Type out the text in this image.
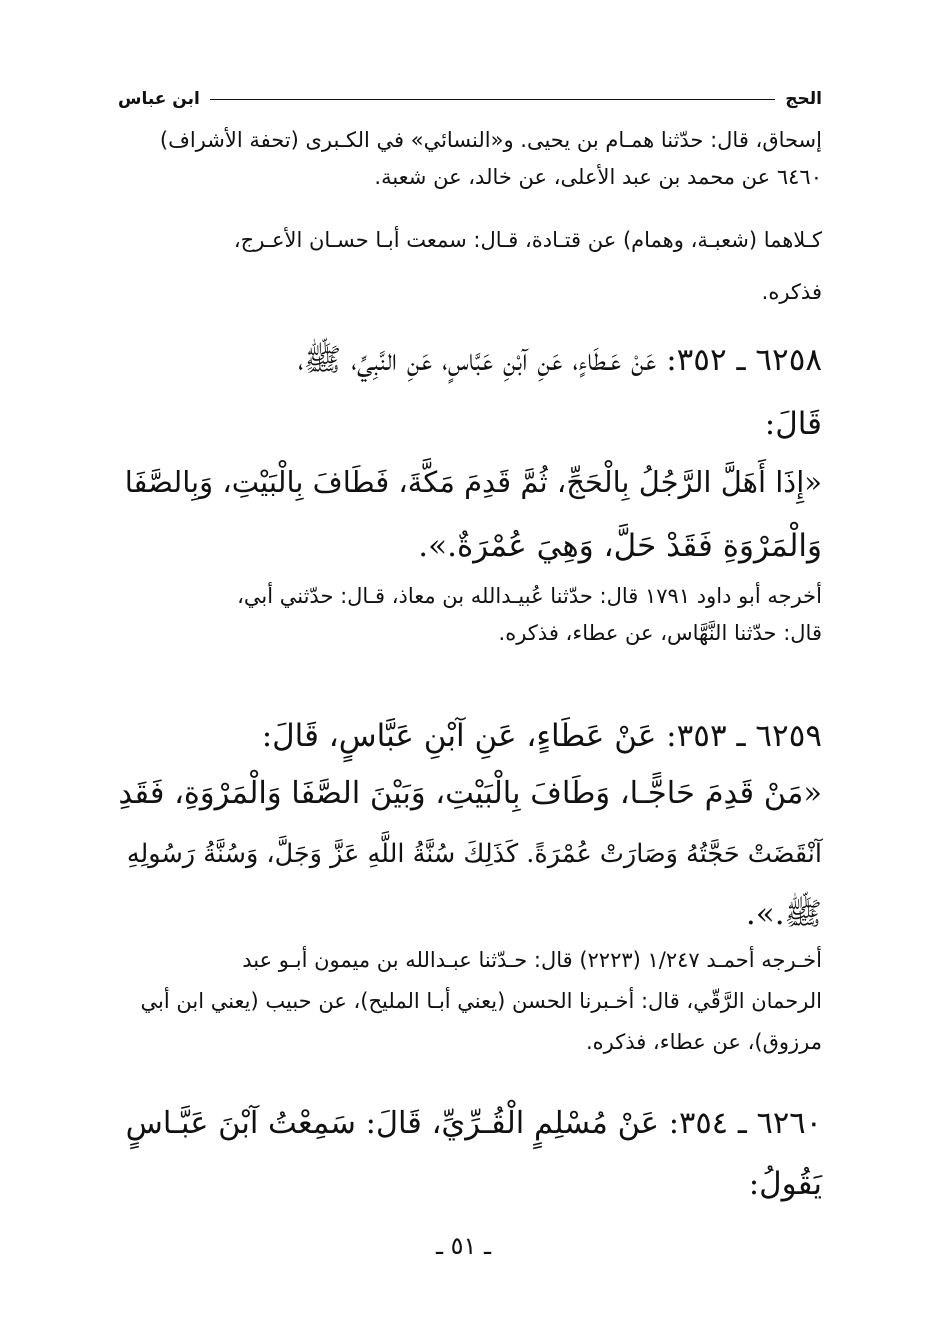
الحج
ابن عباس
إسحاق، قال: حدّثنا همـام بن يحيى. و«النسائي» في الكـبرى (تحفة الأشراف)
٦٤٦٠ عن محمد بن عبد الأعلى، عن خالد، عن شعبة.
كـلاهما (شعبـة، وهمام) عن قتـادة، قـال: سمعت أبـا حسـان الأعـرج،
فذكره.
٦٢٥٨ ـ ٣٥٢: عَنْ عَـطَاءٍ، عَنِ آبْنِ عَبَّاسٍ، عَنِ النَّبِيِّ، ﷺ،
قَالَ:
«إِذَا أَهَلَّ الرَّجُلُ بِالْحَجِّ، ثُمَّ قَدِمَ مَكَّةَ، فَطَافَ بِالْبَيْتِ، وَبِالصَّفَا
وَالْمَرْوَةِ فَقَدْ حَلَّ، وَهِيَ عُمْرَةٌ.».
أخرجه أبو داود ١٧٩١ قال: حدّثنا عُبيـدالله بن معاذ، قـال: حدّثني أبي،
قال: حدّثنا النَّهَّاس، عن عطاء، فذكره.
٦٢٥٩ ـ ٣٥٣: عَنْ عَطَاءٍ، عَنِ آبْنِ عَبَّاسٍ، قَالَ:
«مَنْ قَدِمَ حَاجًّـا، وَطَافَ بِالْبَيْتِ، وَبَيْنَ الصَّفَا وَالْمَرْوَةِ، فَقَدِ
آنْقَضَتْ حَجَّتُهُ وَصَارَتْ عُمْرَةً. كَذَلِكَ سُنَّةُ اللَّهِ عَزَّ وَجَلَّ، وَسُنَّةُ رَسُولِهِ
ﷺ.».
أخـرجه أحمـد ١/٢٤٧ (٢٢٢٣) قال: حـدّثنا عبـدالله بن ميمون أبـو عبد
الرحمان الرَّقّي، قال: أخـبرنا الحسن (يعني أبـا المليح)، عن حبيب (يعني ابن أبي
مرزوق)، عن عطاء، فذكره.
٦٢٦٠ ـ ٣٥٤: عَنْ مُسْلِمٍ الْقُـرِّيِّ، قَالَ: سَمِعْتُ آبْنَ عَبَّـاسٍ
يَقُولُ:
ـ ٥١ ـ
